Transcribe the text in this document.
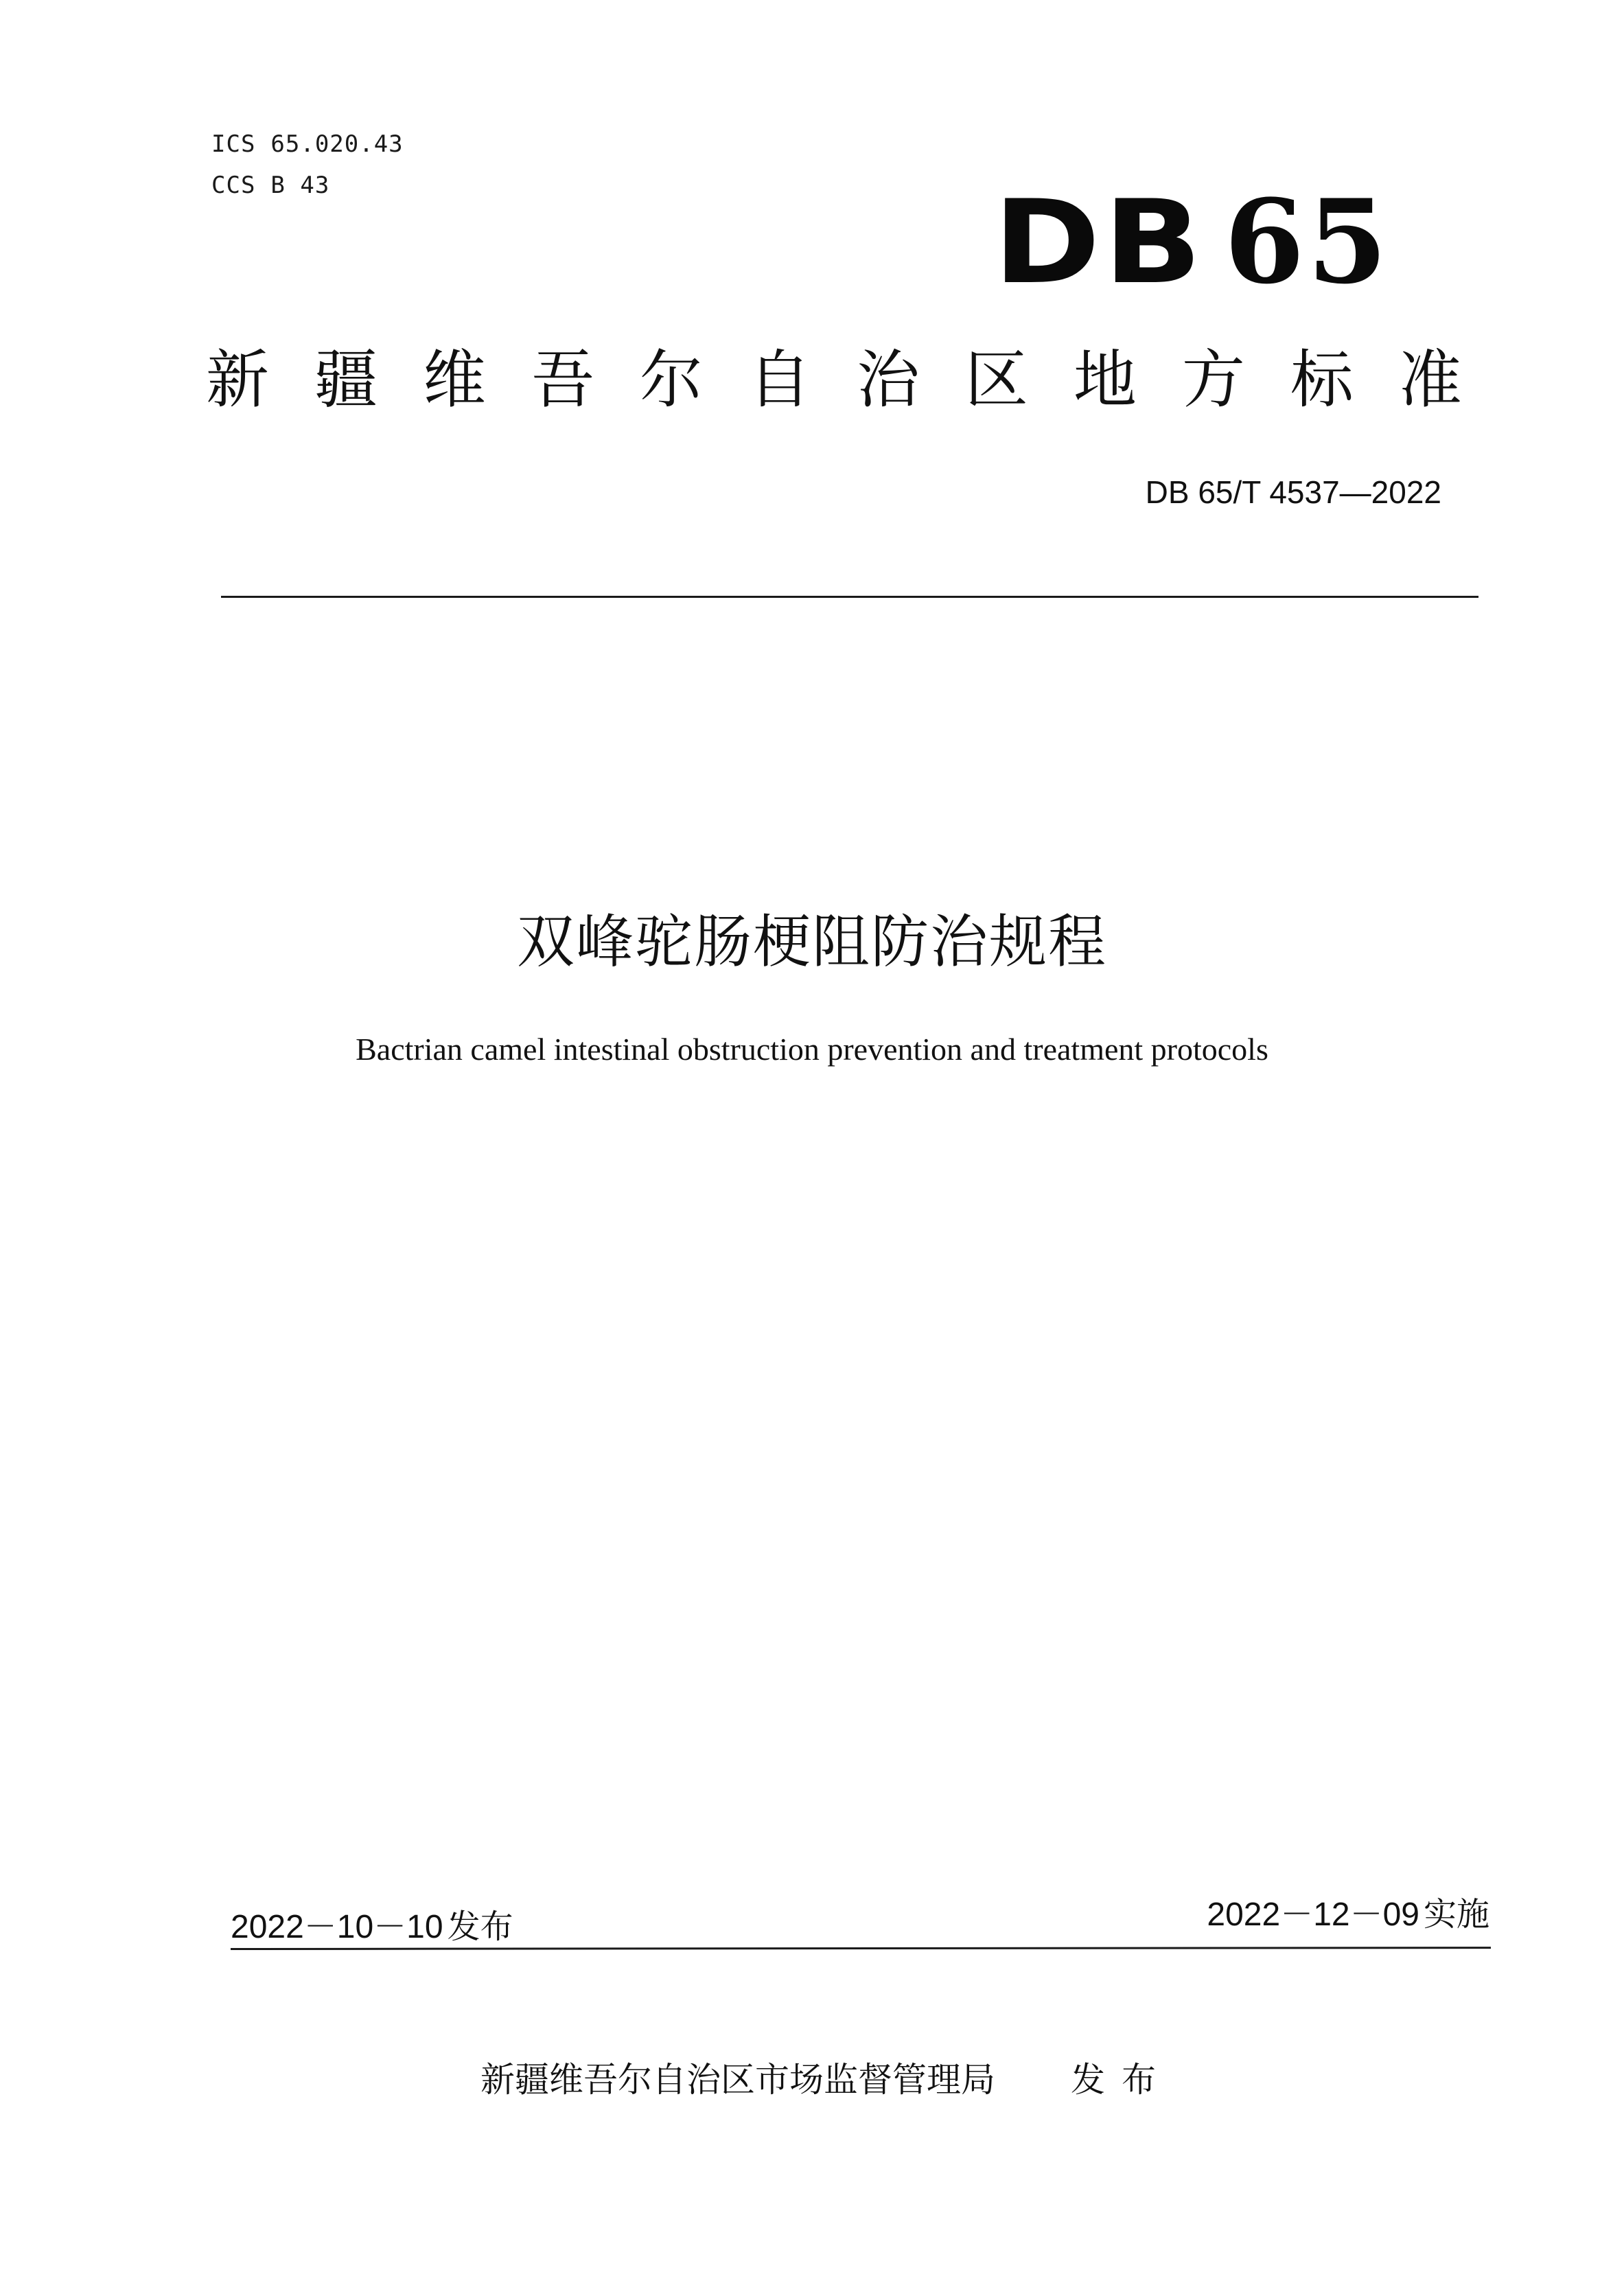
ICS 65.020.43
CCS B 43	DB 65
新 疆 维 吾 尔 自 治 区 地 方 标 准
DB 65/T 4537—2022
双峰驼肠梗阻防治规程
Bactrian camel intestinal obstruction prevention and treatment protocols
2022－10－10 发布	2022－12－09 实施
新疆维吾尔自治区市场监督管理局 发布
